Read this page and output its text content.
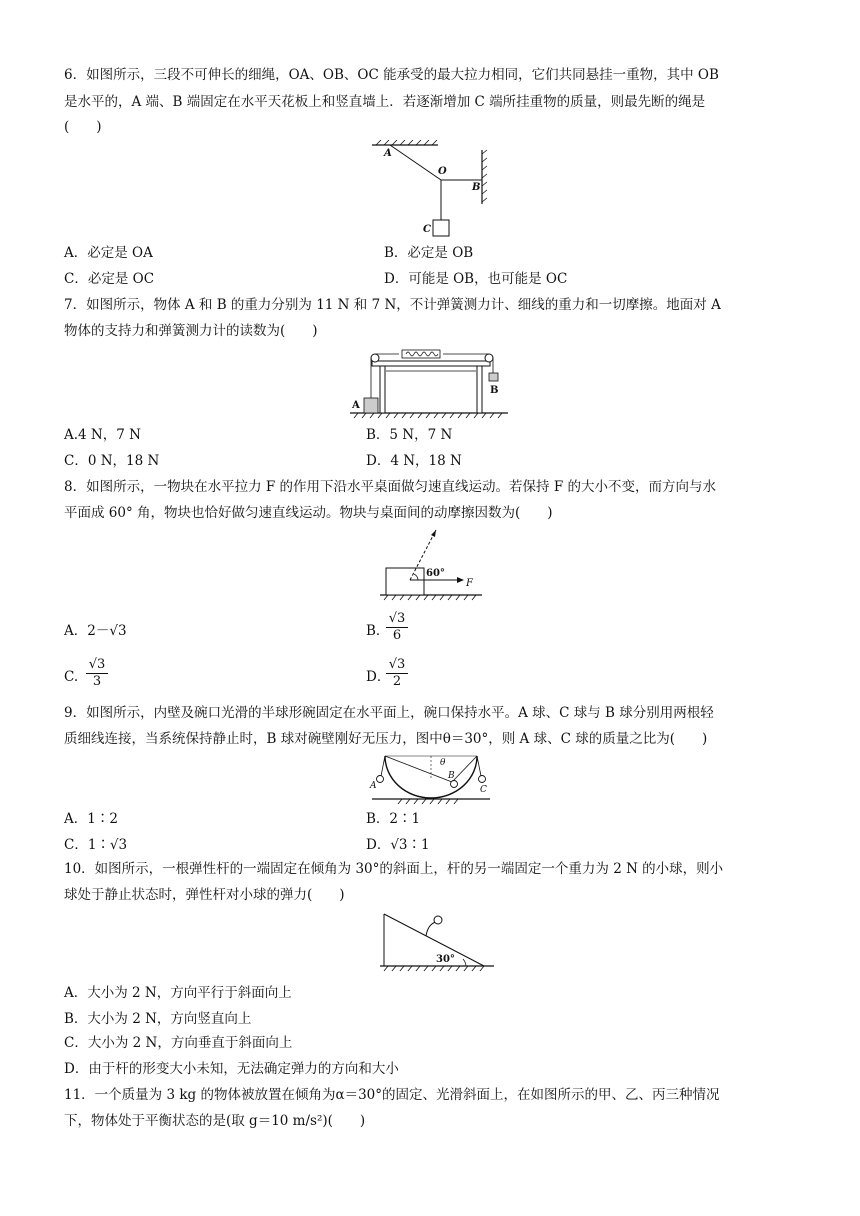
6．如图所示，三段不可伸长的细绳，OA、OB、OC 能承受的最大拉力相同，它们共同悬挂一重物，其中 OB
是水平的，A 端、B 端固定在水平天花板上和竖直墙上．若逐渐增加 C 端所挂重物的质量，则最先断的绳是
(　　)
A
O
B
C
A．必定是 OA	B．必定是 OB
C．必定是 OC	D．可能是 OB，也可能是 OC
7．如图所示，物体 A 和 B 的重力分别为 11 N 和 7 N，不计弹簧测力计、细线的重力和一切摩擦。地面对 A
物体的支持力和弹簧测力计的读数为(　　)
A
B
A.4 N，7 N	B．5 N，7 N
C．0 N，18 N	D．4 N，18 N
8．如图所示，一物块在水平拉力 F 的作用下沿水平桌面做匀速直线运动。若保持 F 的大小不变，而方向与水
平面成 60° 角，物块也恰好做匀速直线运动。物块与桌面间的动摩擦因数为(　　)
60°
F
A．2－√3	B．
√3
6
C.
√3
3	D．
√3
2
9．如图所示，内壁及碗口光滑的半球形碗固定在水平面上，碗口保持水平。A 球、C 球与 B 球分别用两根轻
质细线连接，当系统保持静止时，B 球对碗壁刚好无压力，图中θ＝30°，则 A 球、C 球的质量之比为(　　)
θ
A
B
C
A．1∶2	B．2∶1
C．1∶√3	D．√3∶1
10．如图所示，一根弹性杆的一端固定在倾角为 30°的斜面上，杆的另一端固定一个重力为 2 N 的小球，则小
球处于静止状态时，弹性杆对小球的弹力(　　)
30°
A．大小为 2 N，方向平行于斜面向上
B．大小为 2 N，方向竖直向上
C．大小为 2 N，方向垂直于斜面向上
D．由于杆的形变大小未知，无法确定弹力的方向和大小
11．一个质量为 3 kg 的物体被放置在倾角为α＝30°的固定、光滑斜面上，在如图所示的甲、乙、丙三种情况
下，物体处于平衡状态的是(取 g＝10 m/s²)(　　)
